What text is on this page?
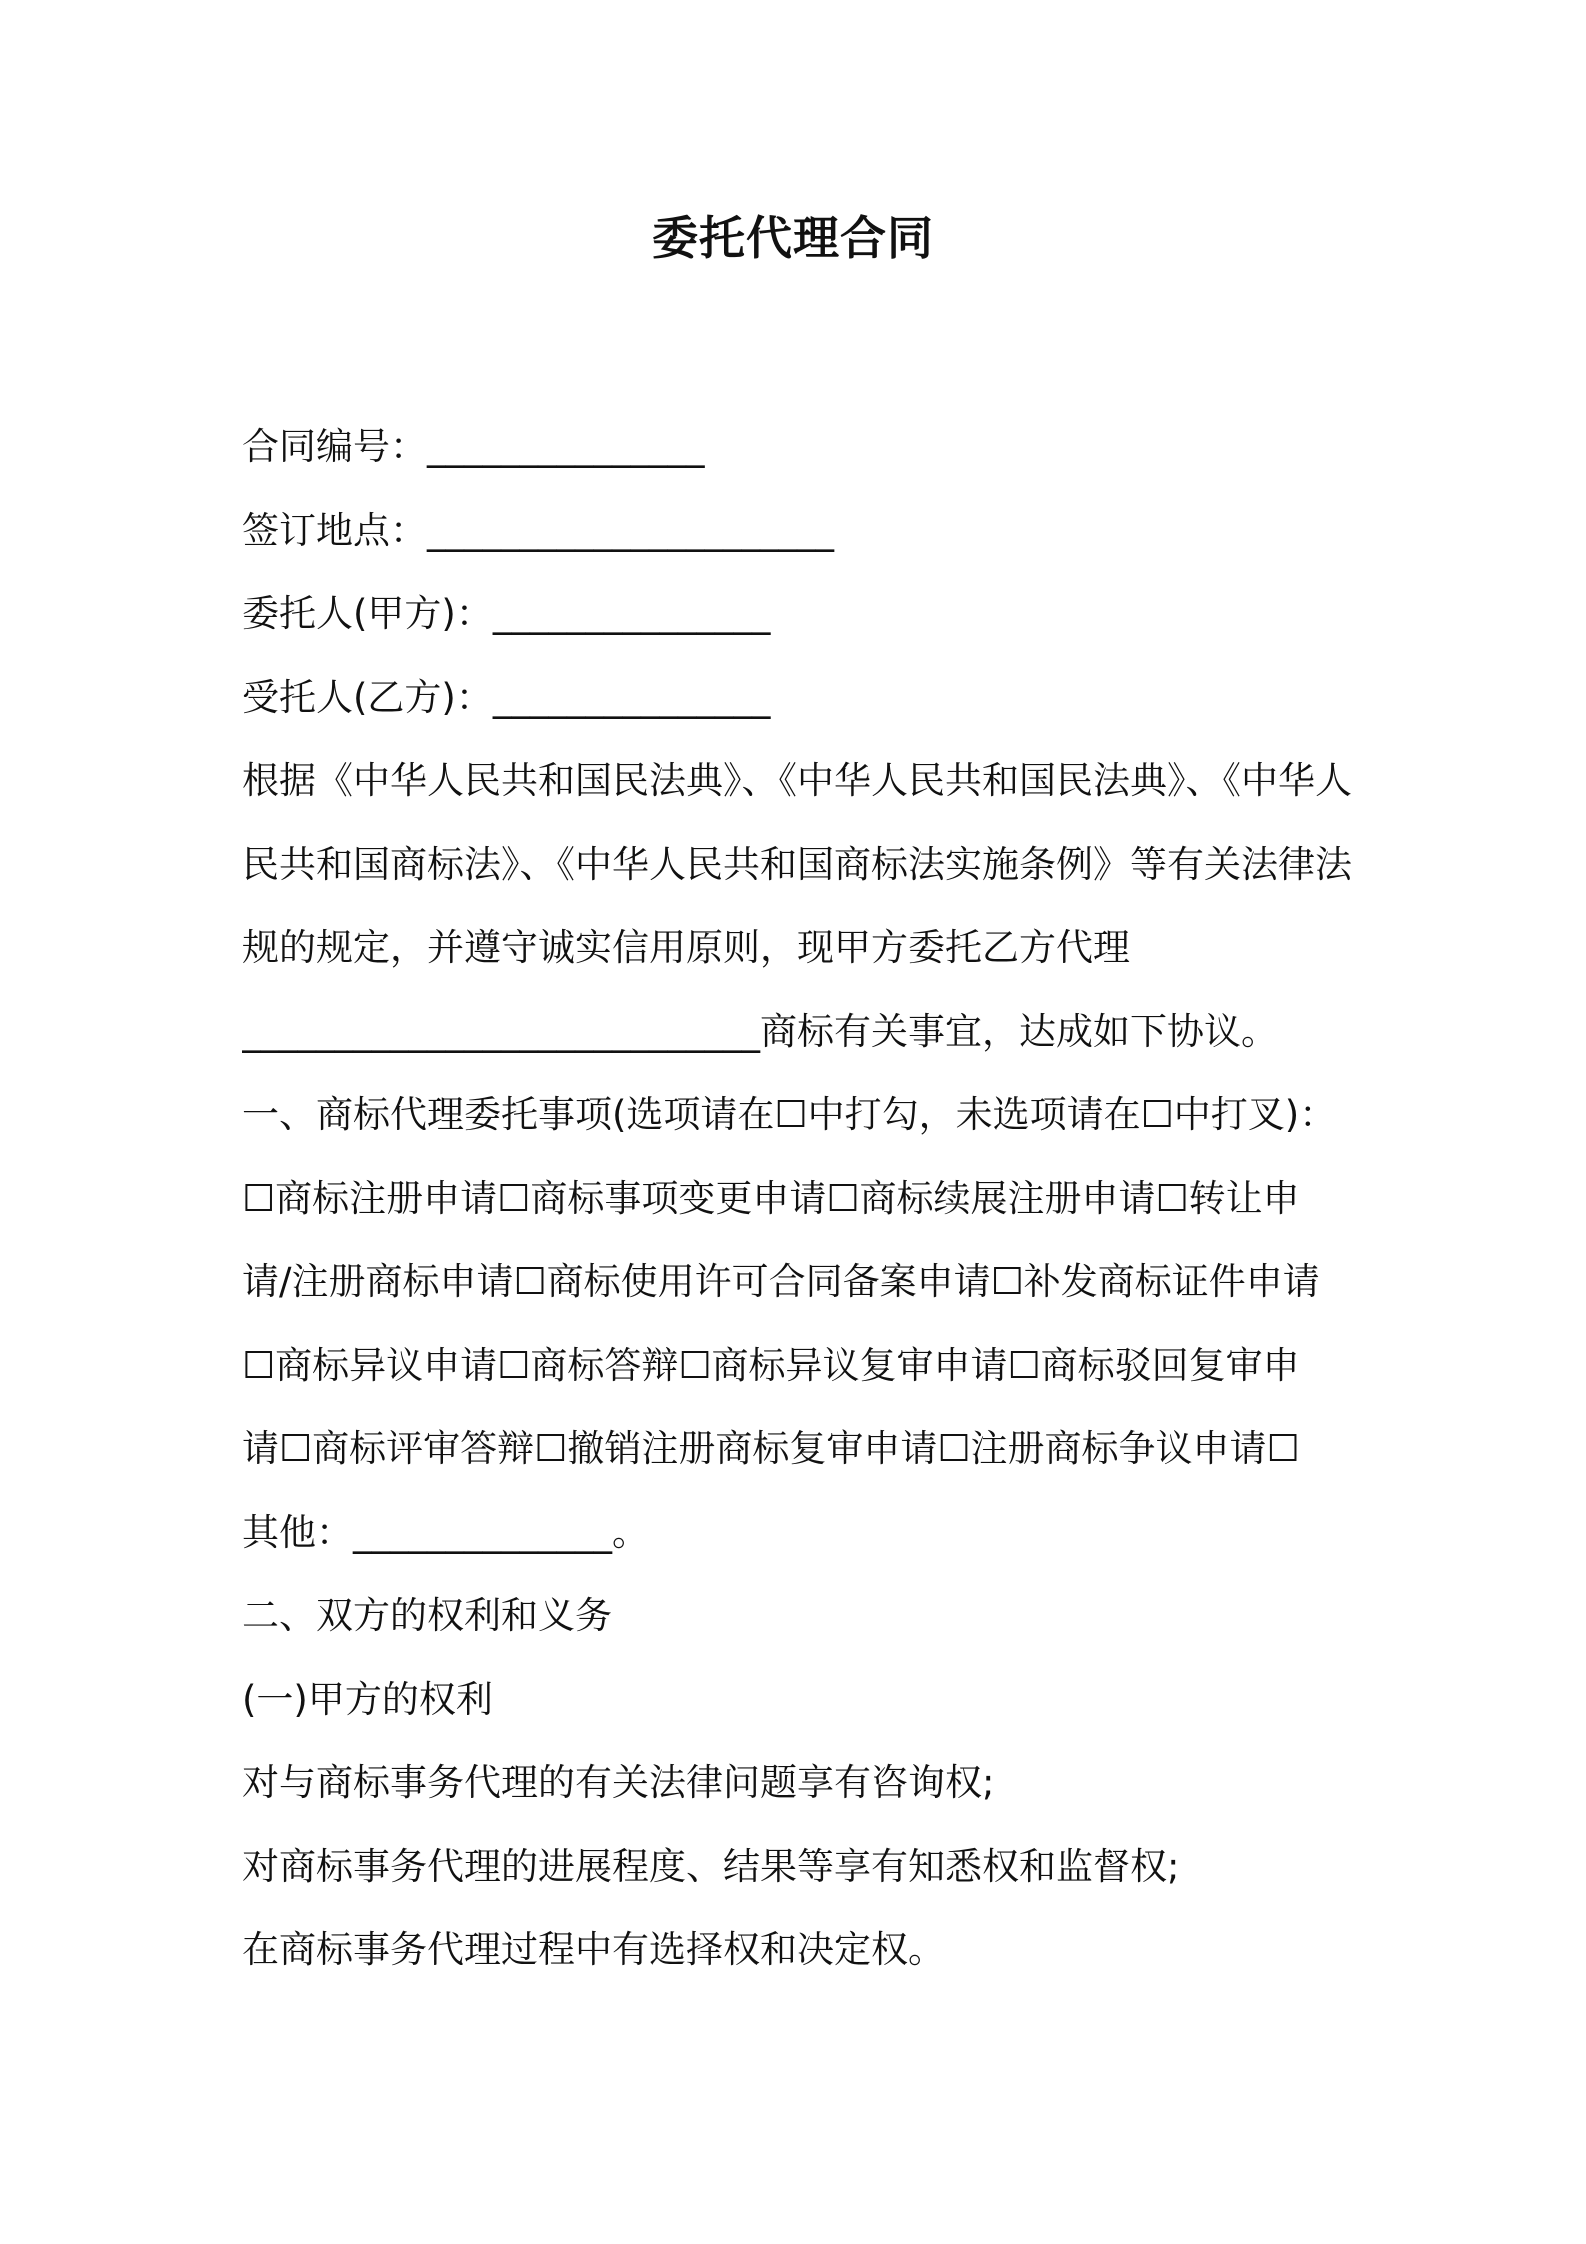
委托代理合同
合同编号：_______________
签订地点：______________________
委托人(甲方)：_______________
受托人(乙方)：_______________
根据《中华人民共和国民法典》、《中华人民共和国民法典》、《中华人
民共和国商标法》、《中华人民共和国商标法实施条例》等有关法律法
规的规定，并遵守诚实信用原则，现甲方委托乙方代理
____________________________商标有关事宜，达成如下协议。
一、商标代理委托事项(选项请在☐中打勾，未选项请在☐中打叉)：
☐商标注册申请☐商标事项变更申请☐商标续展注册申请☐转让申
请/注册商标申请☐商标使用许可合同备案申请☐补发商标证件申请
☐商标异议申请☐商标答辩☐商标异议复审申请☐商标驳回复审申
请☐商标评审答辩☐撤销注册商标复审申请☐注册商标争议申请☐
其他：______________。
二、双方的权利和义务
(一)甲方的权利
对与商标事务代理的有关法律问题享有咨询权;
对商标事务代理的进展程度、结果等享有知悉权和监督权;
在商标事务代理过程中有选择权和决定权。
